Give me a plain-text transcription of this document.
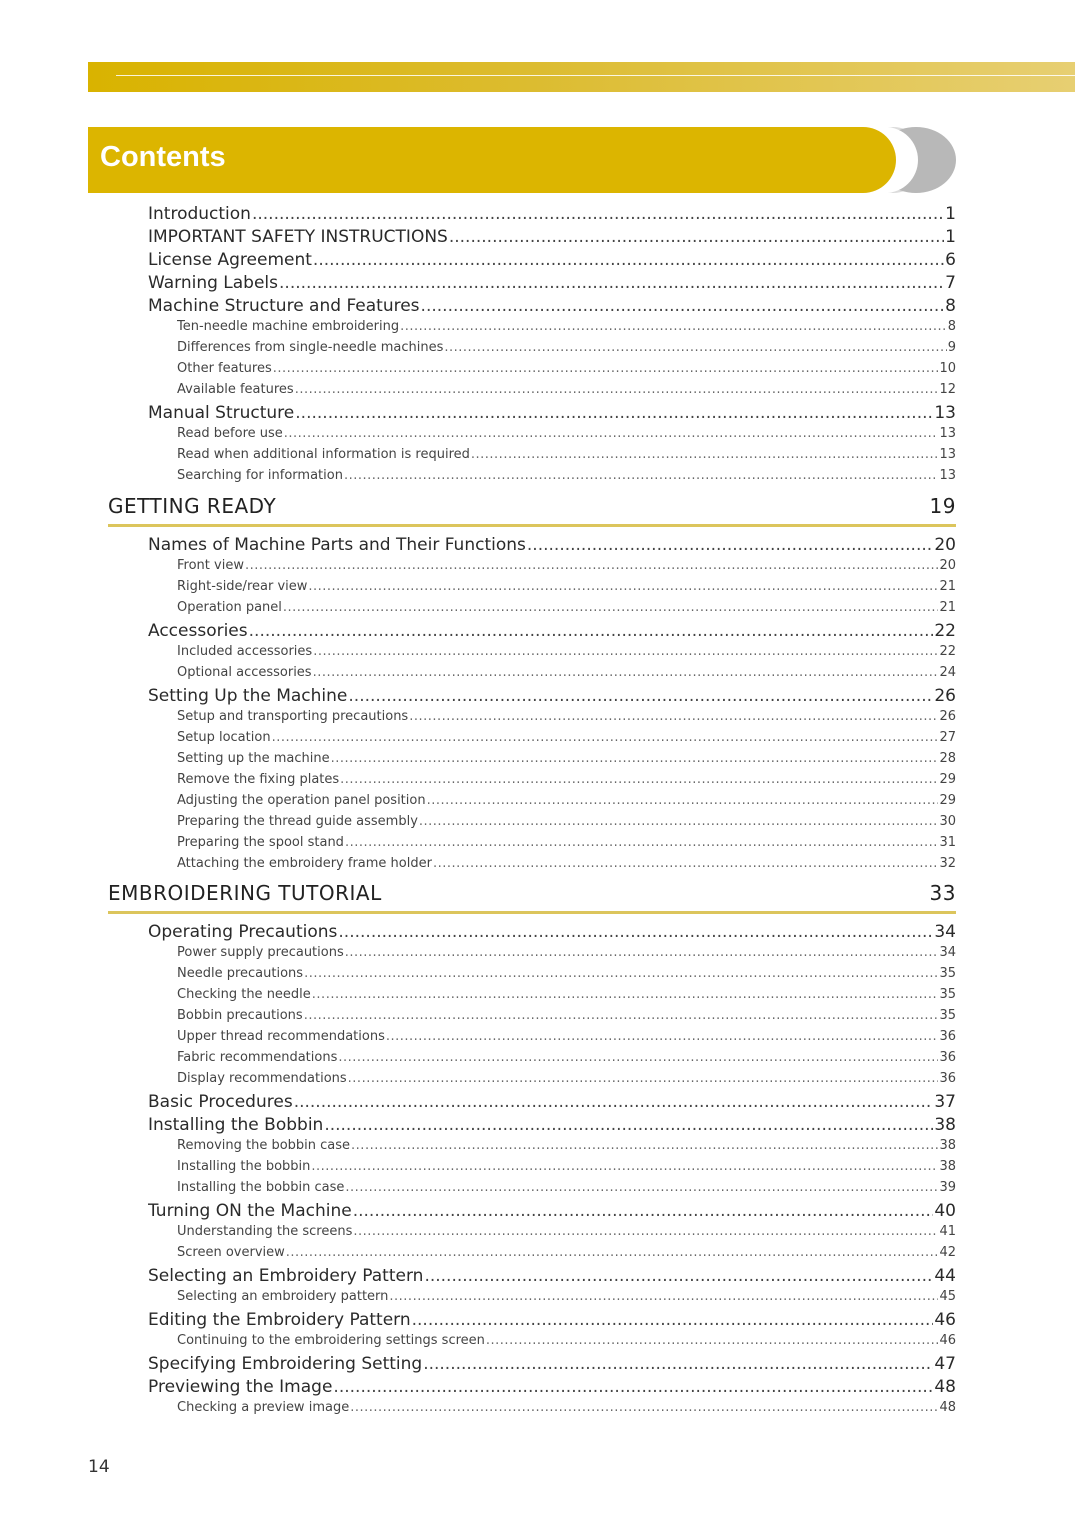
Contents
Introduction .....	1
IMPORTANT SAFETY INSTRUCTIONS .....	1
License Agreement .....	6
Warning Labels .....	7
Machine Structure and Features .....	8
Ten-needle machine embroidering .....	8
Differences from single-needle machines .....	9
Other features .....	10
Available features .....	12
Manual Structure .....	13
Read before use .....	13
Read when additional information is required .....	13
Searching for information .....	13
GETTING READY	19
Names of Machine Parts and Their Functions .....	20
Front view .....	20
Right-side/rear view .....	21
Operation panel .....	21
Accessories .....	22
Included accessories .....	22
Optional accessories .....	24
Setting Up the Machine .....	26
Setup and transporting precautions .....	26
Setup location .....	27
Setting up the machine .....	28
Remove the fixing plates .....	29
Adjusting the operation panel position .....	29
Preparing the thread guide assembly .....	30
Preparing the spool stand .....	31
Attaching the embroidery frame holder .....	32
EMBROIDERING TUTORIAL	33
Operating Precautions .....	34
Power supply precautions .....	34
Needle precautions .....	35
Checking the needle .....	35
Bobbin precautions .....	35
Upper thread recommendations .....	36
Fabric recommendations .....	36
Display recommendations .....	36
Basic Procedures .....	37
Installing the Bobbin .....	38
Removing the bobbin case .....	38
Installing the bobbin .....	38
Installing the bobbin case .....	39
Turning ON the Machine .....	40
Understanding the screens .....	41
Screen overview .....	42
Selecting an Embroidery Pattern .....	44
Selecting an embroidery pattern .....	45
Editing the Embroidery Pattern .....	46
Continuing to the embroidering settings screen .....	46
Specifying Embroidering Setting .....	47
Previewing the Image .....	48
Checking a preview image .....	48
14
